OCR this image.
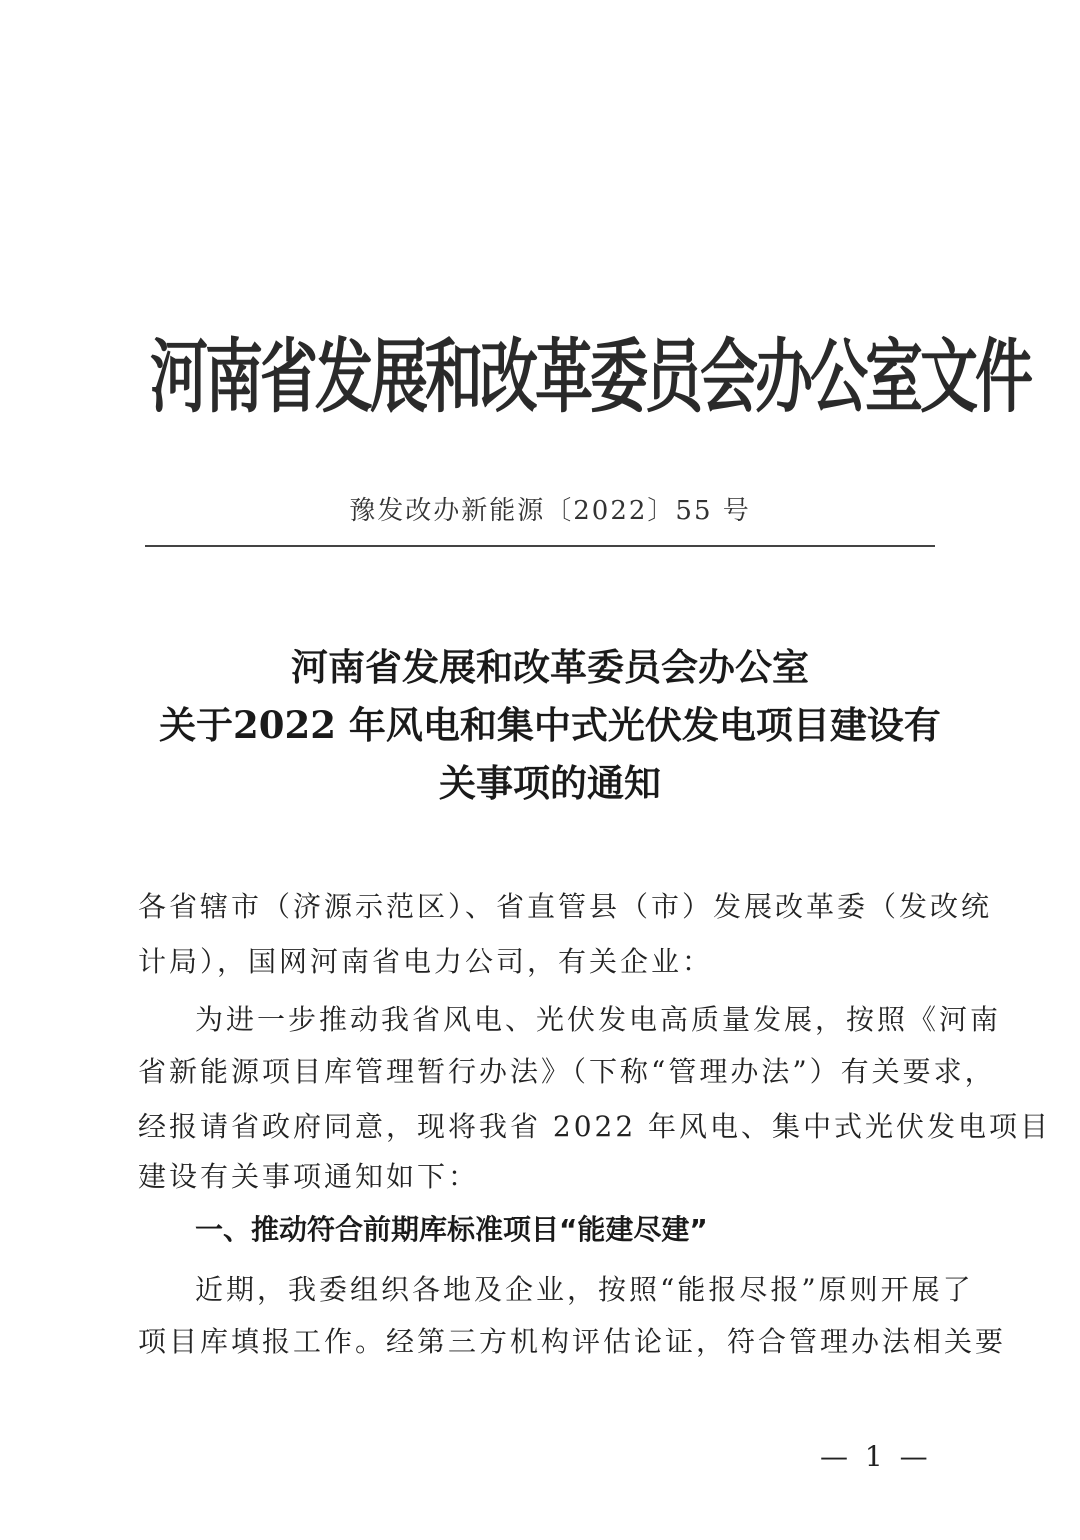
河南省发展和改革委员会办公室文件
豫发改办新能源〔2022〕55 号
河南省发展和改革委员会办公室
关于2022 年风电和集中式光伏发电项目建设有
关事项的通知
各省辖市（济源示范区）、省直管县（市）发展改革委（发改统
计局），国网河南省电力公司，有关企业：
为进一步推动我省风电、光伏发电高质量发展，按照《河南
省新能源项目库管理暂行办法》（下称“管理办法”）有关要求，
经报请省政府同意，现将我省 2022 年风电、集中式光伏发电项目
建设有关事项通知如下：
一、推动符合前期库标准项目“能建尽建”
近期，我委组织各地及企业，按照“能报尽报”原则开展了
项目库填报工作。经第三方机构评估论证，符合管理办法相关要
— 1 —
